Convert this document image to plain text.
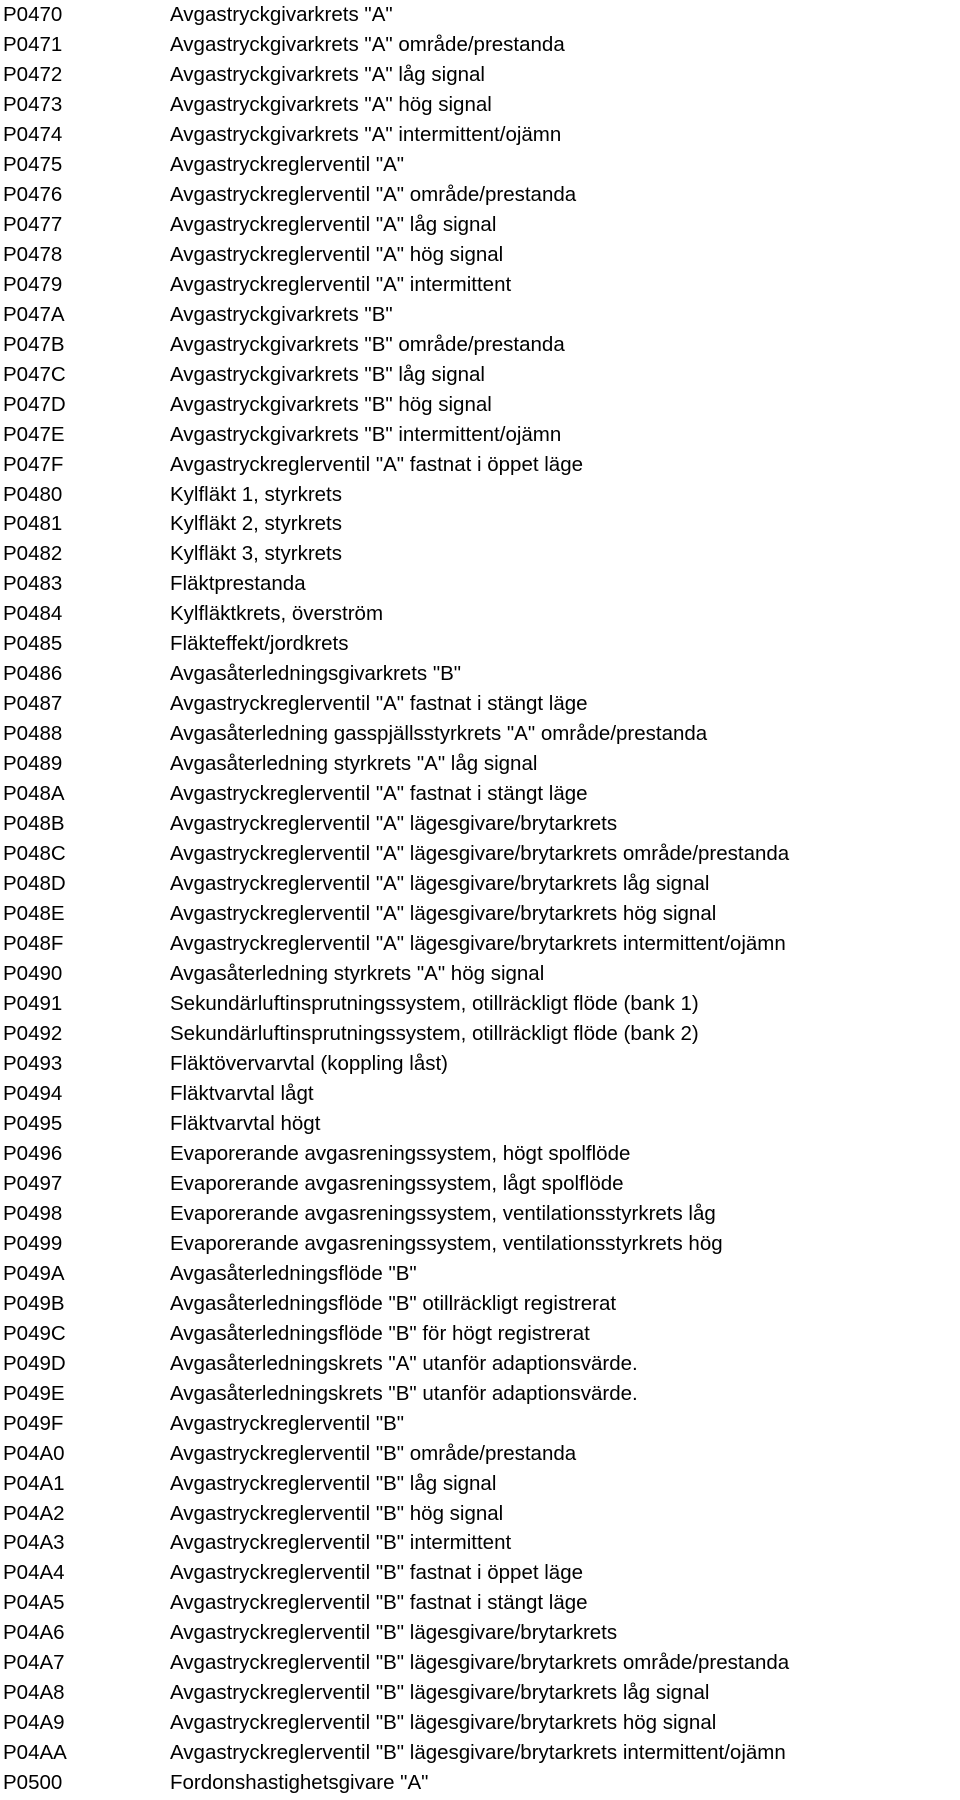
P0470	Avgastryckgivarkrets "A"
P0471	Avgastryckgivarkrets "A" område/prestanda
P0472	Avgastryckgivarkrets "A" låg signal
P0473	Avgastryckgivarkrets "A" hög signal
P0474	Avgastryckgivarkrets "A" intermittent/ojämn
P0475	Avgastryckreglerventil "A"
P0476	Avgastryckreglerventil "A" område/prestanda
P0477	Avgastryckreglerventil "A" låg signal
P0478	Avgastryckreglerventil "A" hög signal
P0479	Avgastryckreglerventil "A" intermittent
P047A	Avgastryckgivarkrets "B"
P047B	Avgastryckgivarkrets "B" område/prestanda
P047C	Avgastryckgivarkrets "B" låg signal
P047D	Avgastryckgivarkrets "B" hög signal
P047E	Avgastryckgivarkrets "B" intermittent/ojämn
P047F	Avgastryckreglerventil "A" fastnat i öppet läge
P0480	Kylfläkt 1, styrkrets
P0481	Kylfläkt 2, styrkrets
P0482	Kylfläkt 3, styrkrets
P0483	Fläktprestanda
P0484	Kylfläktkrets, överström
P0485	Fläkteffekt/jordkrets
P0486	Avgasåterledningsgivarkrets "B"
P0487	Avgastryckreglerventil "A" fastnat i stängt läge
P0488	Avgasåterledning gasspjällsstyrkrets "A" område/prestanda
P0489	Avgasåterledning styrkrets "A" låg signal
P048A	Avgastryckreglerventil "A" fastnat i stängt läge
P048B	Avgastryckreglerventil "A" lägesgivare/brytarkrets
P048C	Avgastryckreglerventil "A" lägesgivare/brytarkrets område/prestanda
P048D	Avgastryckreglerventil "A" lägesgivare/brytarkrets låg signal
P048E	Avgastryckreglerventil "A" lägesgivare/brytarkrets hög signal
P048F	Avgastryckreglerventil "A" lägesgivare/brytarkrets intermittent/ojämn
P0490	Avgasåterledning styrkrets "A" hög signal
P0491	Sekundärluftinsprutningssystem, otillräckligt flöde (bank 1)
P0492	Sekundärluftinsprutningssystem, otillräckligt flöde (bank 2)
P0493	Fläktövervarvtal (koppling låst)
P0494	Fläktvarvtal lågt
P0495	Fläktvarvtal högt
P0496	Evaporerande avgasreningssystem, högt spolflöde
P0497	Evaporerande avgasreningssystem, lågt spolflöde
P0498	Evaporerande avgasreningssystem, ventilationsstyrkrets låg
P0499	Evaporerande avgasreningssystem, ventilationsstyrkrets hög
P049A	Avgasåterledningsflöde "B"
P049B	Avgasåterledningsflöde "B" otillräckligt registrerat
P049C	Avgasåterledningsflöde "B" för högt registrerat
P049D	Avgasåterledningskrets "A" utanför adaptionsvärde.
P049E	Avgasåterledningskrets "B" utanför adaptionsvärde.
P049F	Avgastryckreglerventil "B"
P04A0	Avgastryckreglerventil "B" område/prestanda
P04A1	Avgastryckreglerventil "B" låg signal
P04A2	Avgastryckreglerventil "B" hög signal
P04A3	Avgastryckreglerventil "B" intermittent
P04A4	Avgastryckreglerventil "B" fastnat i öppet läge
P04A5	Avgastryckreglerventil "B" fastnat i stängt läge
P04A6	Avgastryckreglerventil "B" lägesgivare/brytarkrets
P04A7	Avgastryckreglerventil "B" lägesgivare/brytarkrets område/prestanda
P04A8	Avgastryckreglerventil "B" lägesgivare/brytarkrets låg signal
P04A9	Avgastryckreglerventil "B" lägesgivare/brytarkrets hög signal
P04AA	Avgastryckreglerventil "B" lägesgivare/brytarkrets intermittent/ojämn
P0500	Fordonshastighetsgivare "A"
